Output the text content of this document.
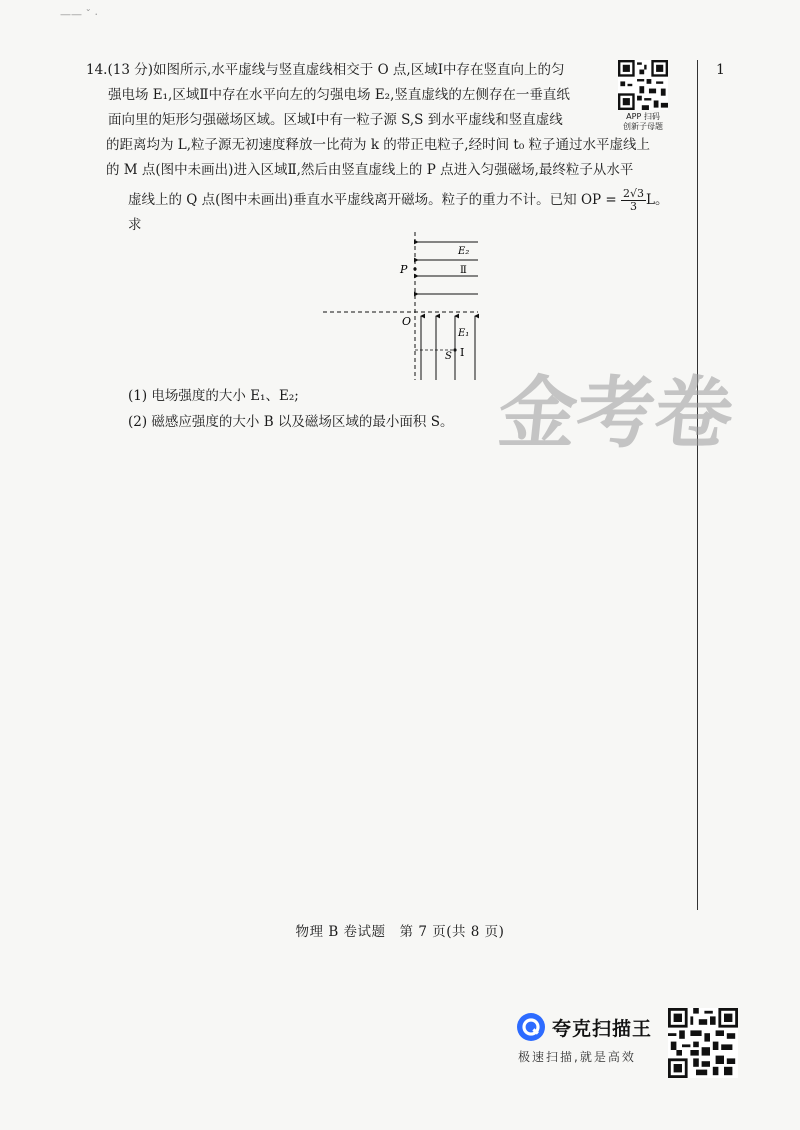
—— ˇ ·
1
14.(13 分)如图所示,水平虚线与竖直虚线相交于 O 点,区域Ⅰ中存在竖直向上的匀
强电场 E₁,区域Ⅱ中存在水平向左的匀强电场 E₂,竖直虚线的左侧存在一垂直纸
面向里的矩形匀强磁场区域。区域Ⅰ中有一粒子源 S,S 到水平虚线和竖直虚线
的距离均为 L,粒子源无初速度释放一比荷为 k 的带正电粒子,经时间 t₀ 粒子通过水平虚线上
的 M 点(图中未画出)进入区域Ⅱ,然后由竖直虚线上的 P 点进入匀强磁场,最终粒子从水平
APP 扫码
创新子母题
虚线上的 Q 点(图中未画出)垂直水平虚线离开磁场。粒子的重力不计。已知 OP = $\frac{2√3}{3}$ L。求
P
O
E₂
Ⅱ
E₁
S Ⅰ
(1) 电场强度的大小 E₁、E₂;
(2) 磁感应强度的大小 B 以及磁场区域的最小面积 S。 金考卷
物理 B 卷试题　第 7 页(共 8 页)
夸克扫描王
极速扫描,就是高效
